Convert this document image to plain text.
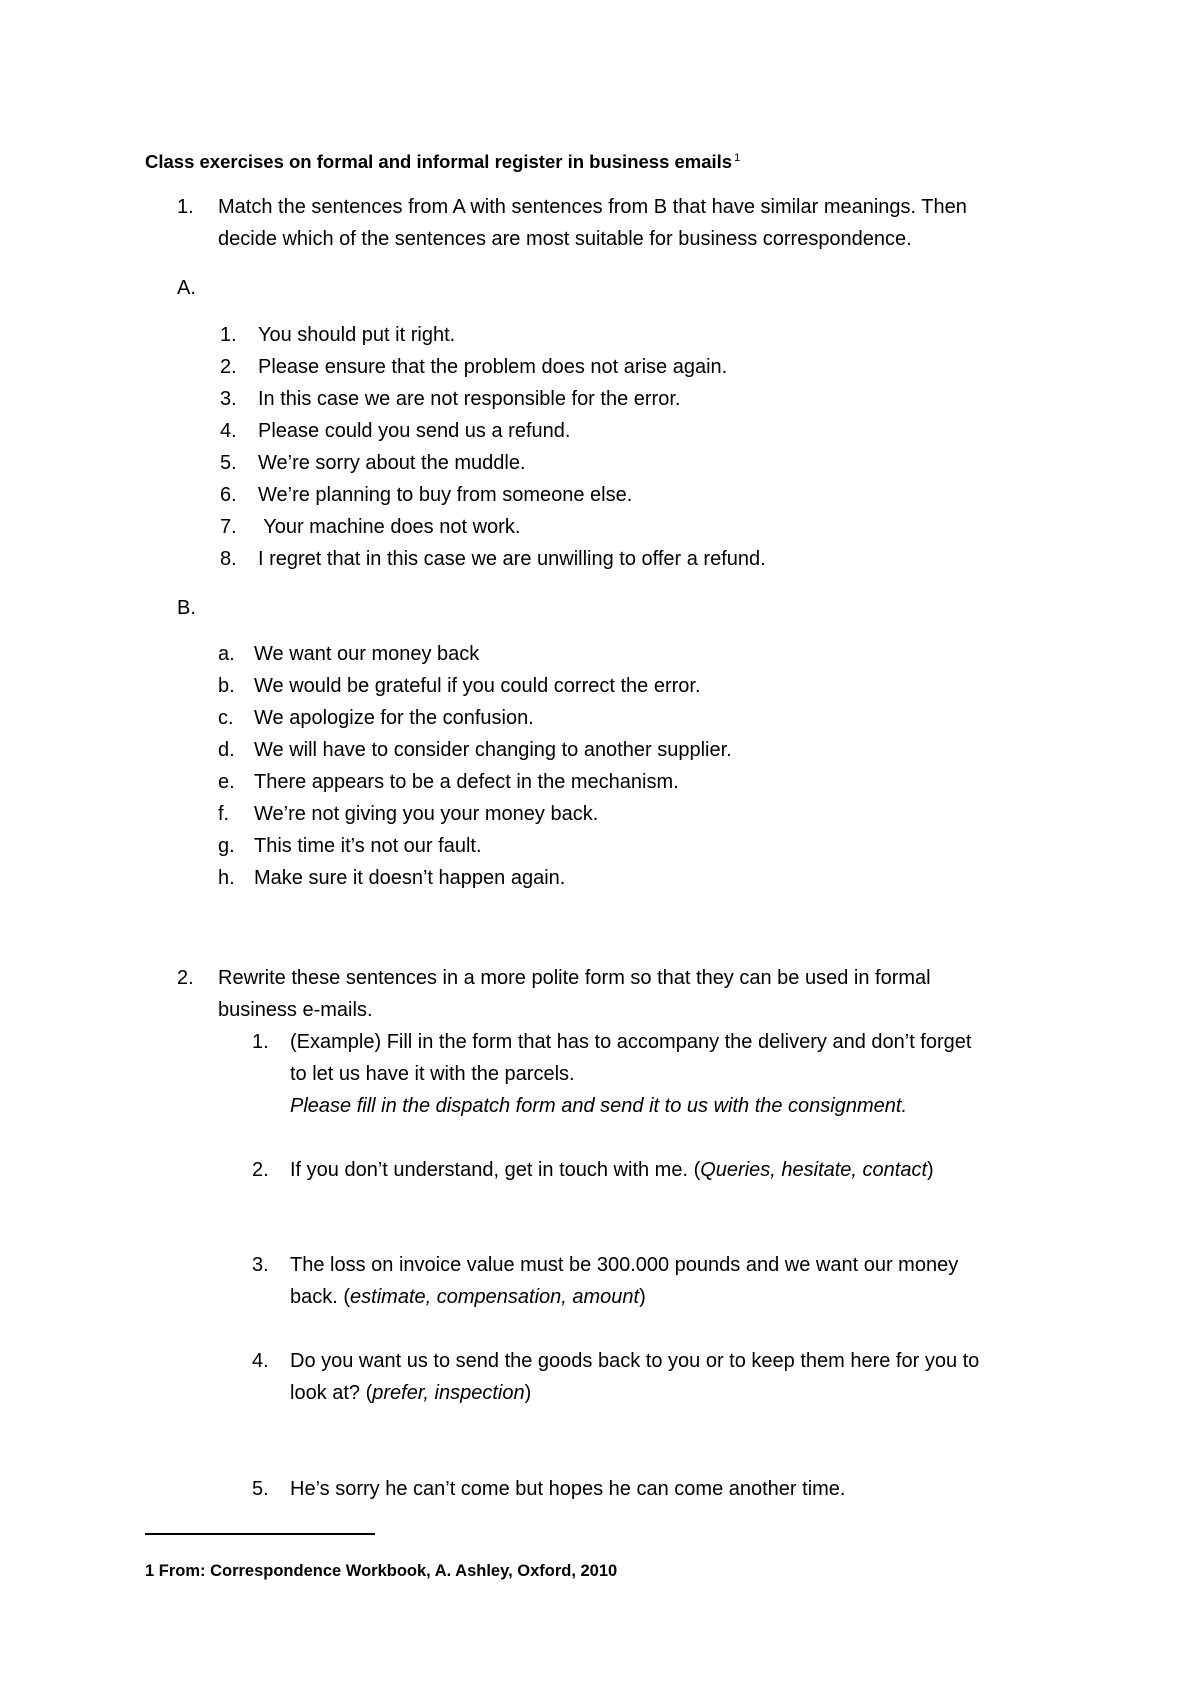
Class exercises on formal and informal register in business emails $^1$
1. Match the sentences from A with sentences from B that have similar meanings. Then

decide which of the sentences are most suitable for business correspondence.

A.

1. You should put it right.

2. Please ensure that the problem does not arise again.

3. In this case we are not responsible for the error.

4. Please could you send us a refund.

5. We’re sorry about the muddle.

6. We’re planning to buy from someone else.

7. Your machine does not work.

8. I regret that in this case we are unwilling to offer a refund.

B.

a. We want our money back

b. We would be grateful if you could correct the error.

c. We apologize for the confusion.

d. We will have to consider changing to another supplier.

e. There appears to be a defect in the mechanism.

f. We’re not giving you your money back.

g. This time it’s not our fault.

h. Make sure it doesn’t happen again.

2. Rewrite these sentences in a more polite form so that they can be used in formal

business e-mails.

1. (Example) Fill in the form that has to accompany the delivery and don’t forget

to let us have it with the parcels.

Please fill in the dispatch form and send it to us with the consignment.

2. If you don’t understand, get in touch with me. (Queries, hesitate, contact)

3. The loss on invoice value must be 300.000 pounds and we want our money

back. (estimate, compensation, amount)

4. Do you want us to send the goods back to you or to keep them here for you to

look at? (prefer, inspection)

5. He’s sorry he can’t come but hopes he can come another time.

1 From: Correspondence Workbook, A. Ashley, Oxford, 2010
